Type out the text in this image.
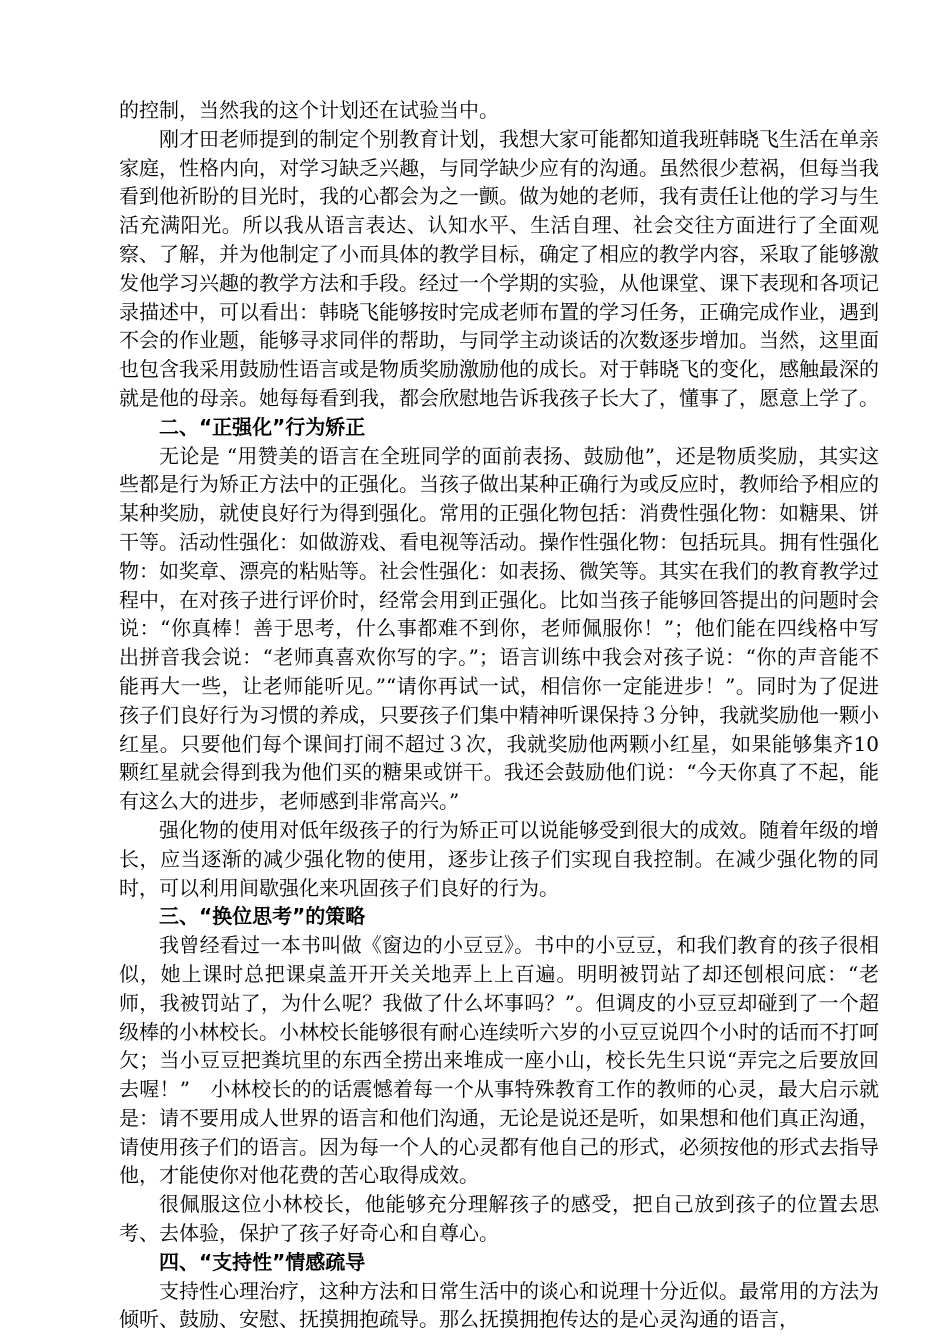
的控制，当然我的这个计划还在试验当中。

刚才田老师提到的制定个别教育计划，我想大家可能都知道我班韩晓飞生活在单亲家庭，性格内向，对学习缺乏兴趣，与同学缺少应有的沟通。虽然很少惹祸，但每当我看到他祈盼的目光时，我的心都会为之一颤。做为她的老师，我有责任让他的学习与生活充满阳光。所以我从语言表达、认知水平、生活自理、社会交往方面进行了全面观察、了解，并为他制定了小而具体的教学目标，确定了相应的教学内容，采取了能够激发他学习兴趣的教学方法和手段。经过一个学期的实验，从他课堂、课下表现和各项记录描述中，可以看出：韩晓飞能够按时完成老师布置的学习任务，正确完成作业，遇到不会的作业题，能够寻求同伴的帮助，与同学主动谈话的次数逐步增加。当然，这里面也包含我采用鼓励性语言或是物质奖励激励他的成长。对于韩晓飞的变化，感触最深的就是他的母亲。她每每看到我，都会欣慰地告诉我孩子长大了，懂事了，愿意上学了。

二、“正强化”行为矫正

无论是 “用赞美的语言在全班同学的面前表扬、鼓励他”，还是物质奖励，其实这些都是行为矫正方法中的正强化。当孩子做出某种正确行为或反应时，教师给予相应的某种奖励，就使良好行为得到强化。常用的正强化物包括：消费性强化物：如糖果、饼干等。活动性强化：如做游戏、看电视等活动。操作性强化物：包括玩具。拥有性强化物：如奖章、漂亮的粘贴等。社会性强化：如表扬、微笑等。其实在我们的教育教学过程中，在对孩子进行评价时，经常会用到正强化。比如当孩子能够回答提出的问题时会说：“你真棒！善于思考，什么事都难不到你，老师佩服你！”；他们能在四线格中写出拼音我会说：“老师真喜欢你写的字。”；语言训练中我会对孩子说：“你的声音能不能再大一些，让老师能听见。”“请你再试一试，相信你一定能进步！”。同时为了促进孩子们良好行为习惯的养成，只要孩子们集中精神听课保持３分钟，我就奖励他一颗小红星。只要他们每个课间打闹不超过３次，我就奖励他两颗小红星，如果能够集齐10颗红星就会得到我为他们买的糖果或饼干。我还会鼓励他们说：“今天你真了不起，能有这么大的进步，老师感到非常高兴。”

强化物的使用对低年级孩子的行为矫正可以说能够受到很大的成效。随着年级的增长，应当逐渐的减少强化物的使用，逐步让孩子们实现自我控制。在减少强化物的同时，可以利用间歇强化来巩固孩子们良好的行为。

三、“换位思考”的策略

我曾经看过一本书叫做《窗边的小豆豆》。书中的小豆豆，和我们教育的孩子很相似，她上课时总把课桌盖开开关关地弄上上百遍。明明被罚站了却还刨根问底：“老师，我被罚站了，为什么呢？我做了什么坏事吗？”。但调皮的小豆豆却碰到了一个超级棒的小林校长。小林校长能够很有耐心连续听六岁的小豆豆说四个小时的话而不打呵欠；当小豆豆把粪坑里的东西全捞出来堆成一座小山，校长先生只说“弄完之后要放回去喔！”　小林校长的的话震憾着每一个从事特殊教育工作的教师的心灵，最大启示就是：请不要用成人世界的语言和他们沟通，无论是说还是听，如果想和他们真正沟通，请使用孩子们的语言。因为每一个人的心灵都有他自己的形式，必须按他的形式去指导他，才能使你对他花费的苦心取得成效。

很佩服这位小林校长，他能够充分理解孩子的感受，把自己放到孩子的位置去思考、去体验，保护了孩子好奇心和自尊心。

四、“支持性”情感疏导

支持性心理治疗，这种方法和日常生活中的谈心和说理十分近似。最常用的方法为倾听、鼓励、安慰、抚摸拥抱疏导。那么抚摸拥抱传达的是心灵沟通的语言，
